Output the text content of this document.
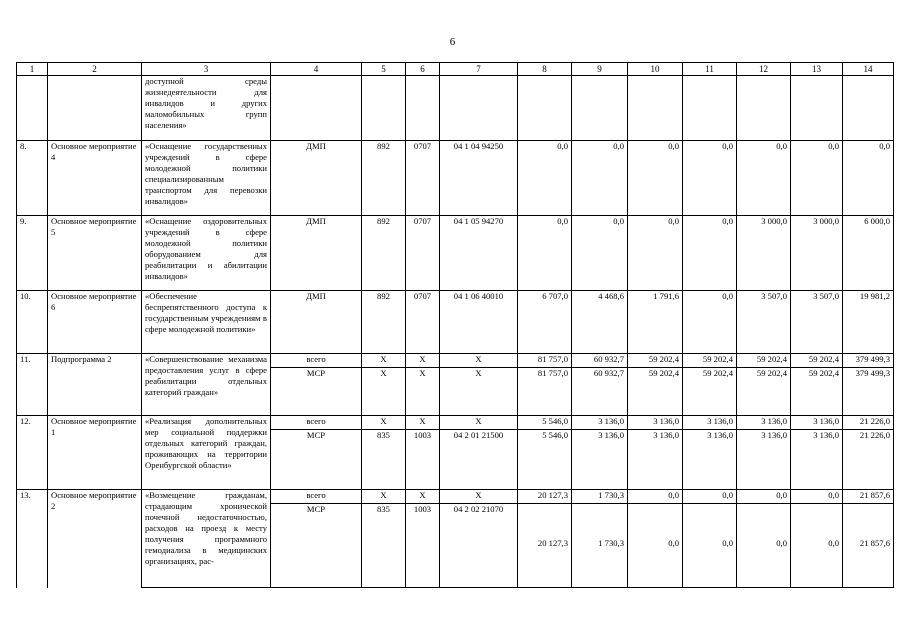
6
1	2	3	4	5	6	7	8	9	10	11	12	13	14
		доступной среды жизнедеятельности для инвалидов и других маломобильных групп населения»											
8.	Основное мероприятие 4	«Оснащение государственных учреждений в сфере молодежной политики специализированным транспортом для перевозки инвалидов»	ДМП	892	0707	04 1 04 94250	0,0	0,0	0,0	0,0	0,0	0,0	0,0
9.	Основное мероприятие 5	«Оснащение оздоровительных учреждений в сфере молодежной политики оборудованием для реабилитации и абилитации инвалидов»	ДМП	892	0707	04 1 05 94270	0,0	0,0	0,0	0,0	3 000,0	3 000,0	6 000,0
10.	Основное мероприятие 6	«Обеспечение беспрепятственного доступа к государственным учреждениям в сфере молодежной политики»	ДМП	892	0707	04 1 06 40010	6 707,0	4 468,6	1 791,6	0,0	3 507,0	3 507,0	19 981,2
11.	Подпрограмма 2	«Совершенствование механизма предоставления услуг в сфере реабилитации отдельных категорий граждан»	всего	Х	Х	Х	81 757,0	60 932,7	59 202,4	59 202,4	59 202,4	59 202,4	379 499,3
			МСР	Х	Х	Х	81 757,0	60 932,7	59 202,4	59 202,4	59 202,4	59 202,4	379 499,3
12.	Основное мероприятие 1	«Реализация дополнительных мер социальной поддержки отдельных категорий граждан, проживающих на территории Оренбургской области»	всего	Х	Х	Х	5 546,0	3 136,0	3 136,0	3 136,0	3 136,0	3 136,0	21 226,0
			МСР	835	1003	04 2 01 21500	5 546,0	3 136,0	3 136,0	3 136,0	3 136,0	3 136,0	21 226,0
13.	Основное мероприятие 2	«Возмещение гражданам, страдающим хронической почечной недостаточностью, расходов на проезд к месту получения программного гемодиализа в медицинских организациях, рас-	всего	Х	Х	Х	20 127,3	1 730,3	0,0	0,0	0,0	0,0	21 857,6
			МСР	835	1003	04 2 02 21070	20 127,3	1 730,3	0,0	0,0	0,0	0,0	21 857,6
